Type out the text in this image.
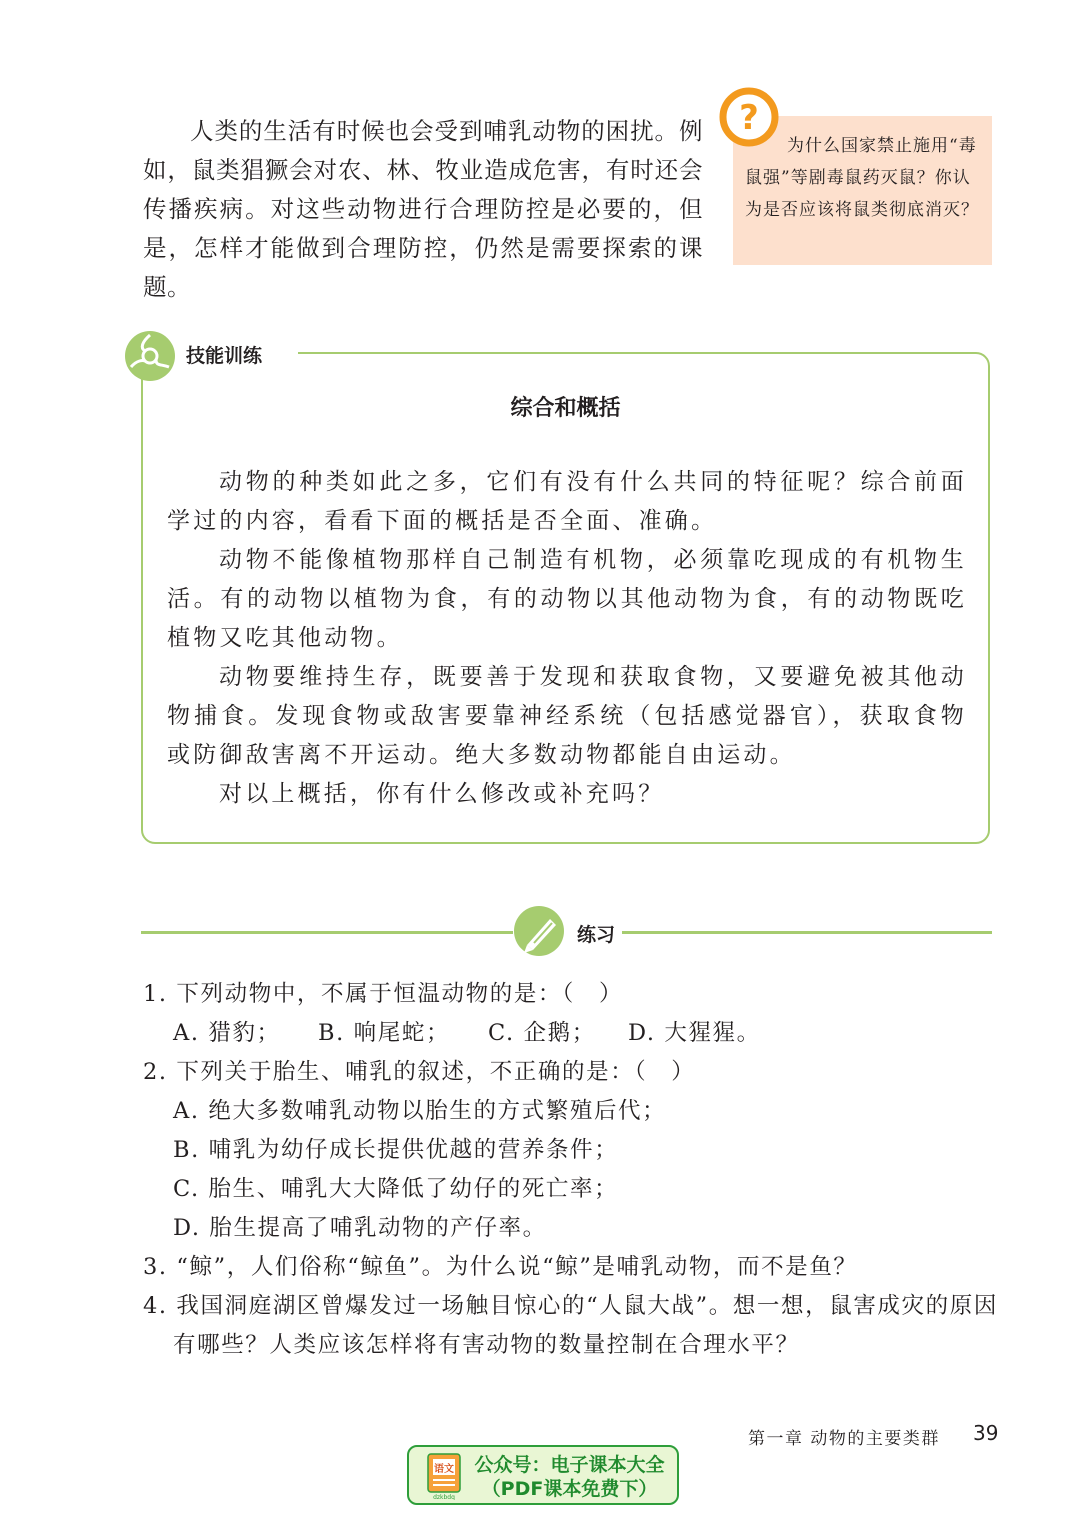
人类的生活有时候也会受到哺乳动物的困扰。例如，鼠类猖獗会对农、林、牧业造成危害，有时还会传播疾病。对这些动物进行合理防控是必要的，但是，怎样才能做到合理防控，仍然是需要探索的课题。

?

为什么国家禁止施用“毒鼠强”等剧毒鼠药灭鼠？你认为是否应该将鼠类彻底消灭？

技能训练
综合和概括

动物的种类如此之多，它们有没有什么共同的特征呢？综合前面学过的内容，看看下面的概括是否全面、准确。

动物不能像植物那样自己制造有机物，必须靠吃现成的有机物生活。有的动物以植物为食，有的动物以其他动物为食，有的动物既吃植物又吃其他动物。

动物要维持生存，既要善于发现和获取食物，又要避免被其他动物捕食。发现食物或敌害要靠神经系统（包括感觉器官），获取食物或防御敌害离不开运动。绝大多数动物都能自由运动。

对以上概括，你有什么修改或补充吗？

练习

1. 下列动物中，不属于恒温动物的是：（　）

A. 猎豹；	B. 响尾蛇；	C. 企鹅；	D. 大猩猩。

2. 下列关于胎生、哺乳的叙述，不正确的是：（　）

A. 绝大多数哺乳动物以胎生的方式繁殖后代；

B. 哺乳为幼仔成长提供优越的营养条件；

C. 胎生、哺乳大大降低了幼仔的死亡率；

D. 胎生提高了哺乳动物的产仔率。

3. “鲸”，人们俗称“鲸鱼”。为什么说“鲸”是哺乳动物，而不是鱼？

4. 我国洞庭湖区曾爆发过一场触目惊心的“人鼠大战”。想一想，鼠害成灾的原因有哪些？人类应该怎样将有害动物的数量控制在合理水平？

第一章 动物的主要类群 39
语文
dzkbdq
公众号：电子课本大全
（PDF课本免费下）
